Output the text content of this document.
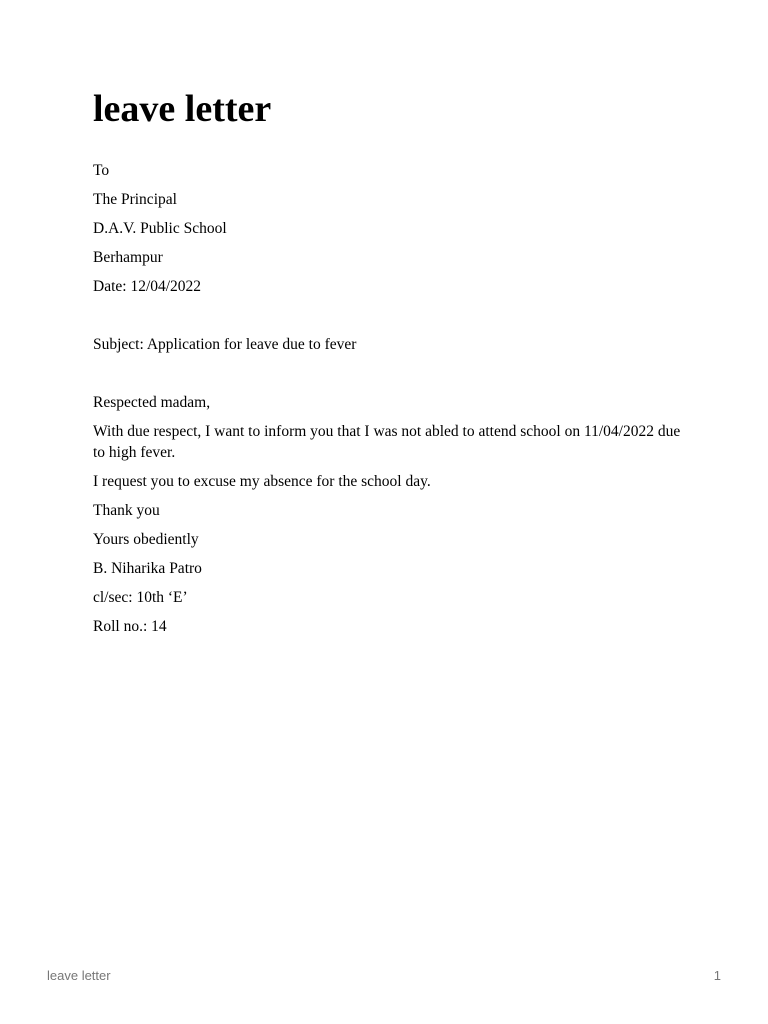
leave letter

To

The Principal

D.A.V. Public School

Berhampur

Date: 12/04/2022

Subject: Application for leave due to fever

Respected madam,

With due respect, I want to inform you that I was not abled to attend school on 11/04/2022 due to high fever.

I request you to excuse my absence for the school day.

Thank you

Yours obediently

B. Niharika Patro

cl/sec: 10th ‘E’

Roll no.: 14

leave letter	1
